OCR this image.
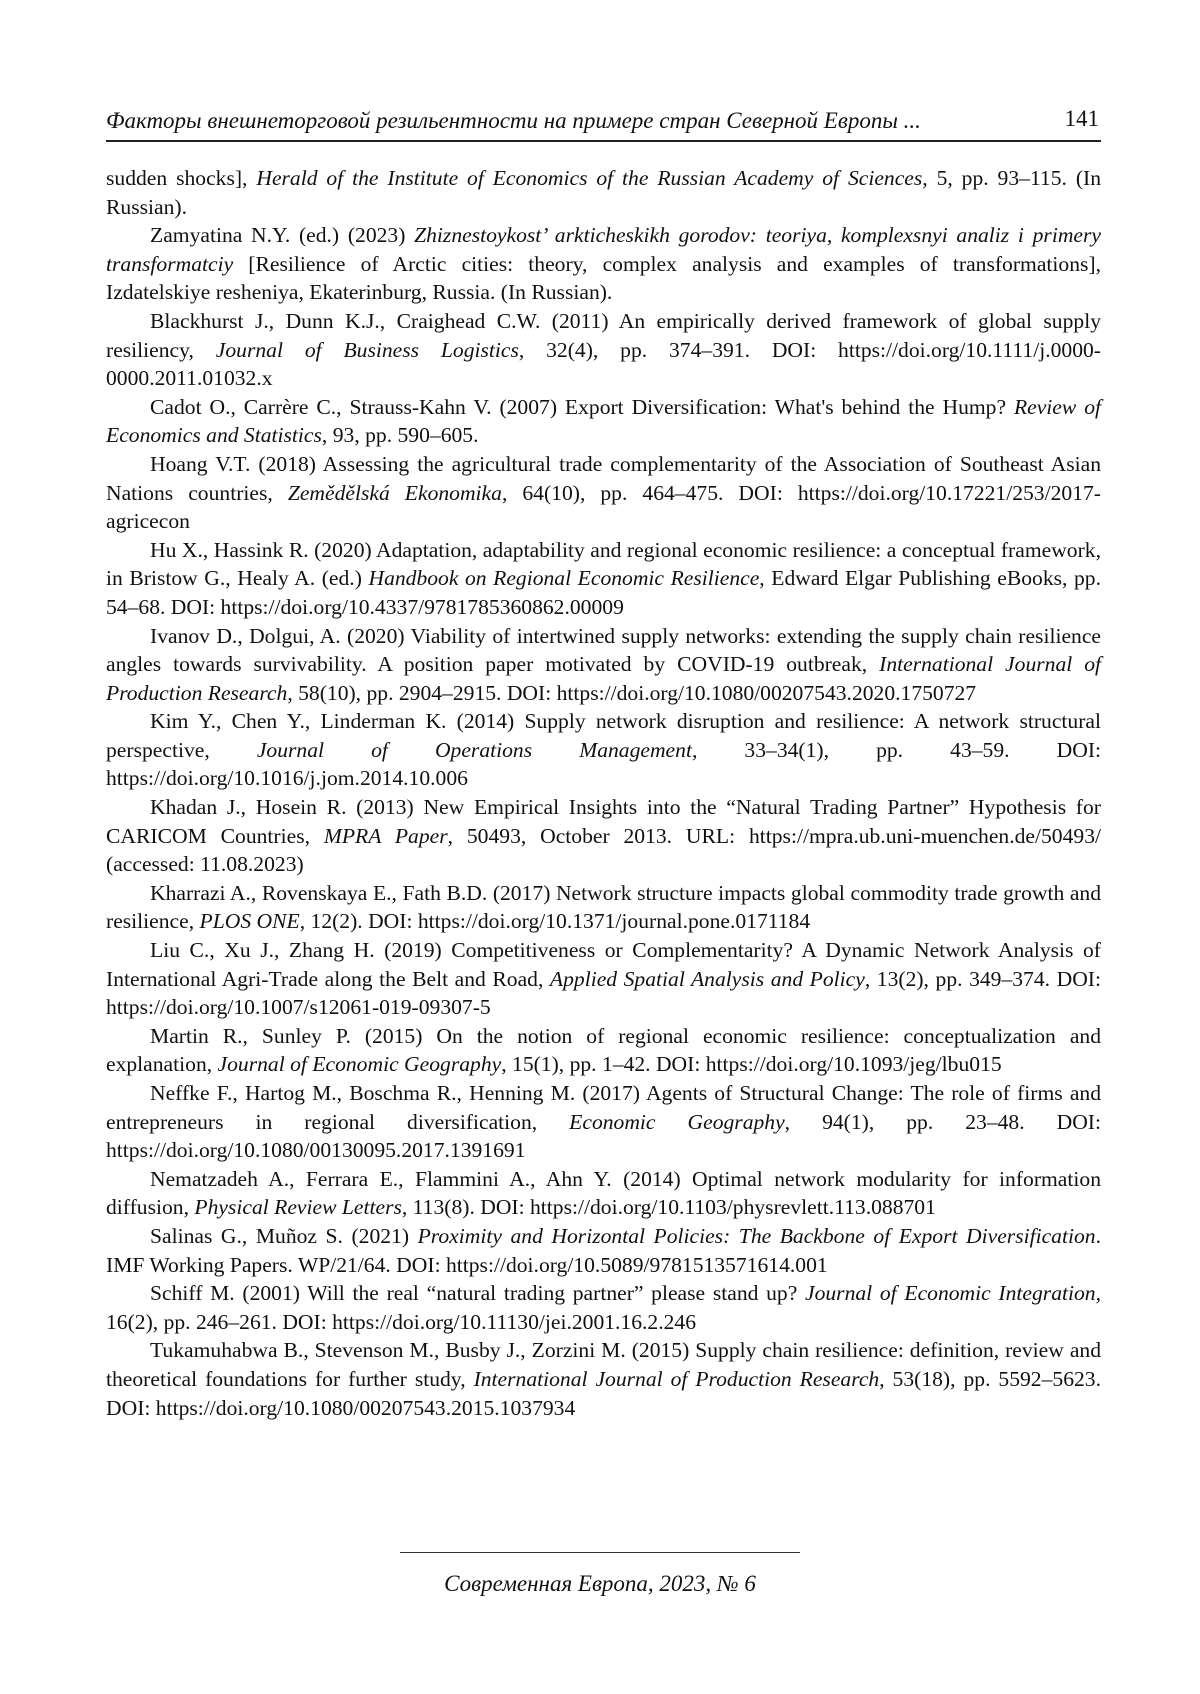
Факторы внешнеторговой резильентности на примере стран Северной Европы ...	141

sudden shocks], Herald of the Institute of Economics of the Russian Academy of Sciences, 5, pp. 93–115. (In Russian).

Zamyatina N.Y. (ed.) (2023) Zhiznestoykost’ arkticheskikh gorodov: teoriya, komplexsnyi analiz i primery transformatciy [Resilience of Arctic cities: theory, complex analysis and examples of transformations], Izdatelskiye resheniya, Ekaterinburg, Russia. (In Russian).

Blackhurst J., Dunn K.J., Craighead C.W. (2011) An empirically derived framework of global supply resiliency, Journal of Business Logistics, 32(4), pp. 374–391. DOI: https://doi.org/10.1111/j.0000-0000.2011.01032.x

Cadot O., Carrère C., Strauss-Kahn V. (2007) Export Diversification: What's behind the Hump? Review of Economics and Statistics, 93, pp. 590–605.

Hoang V.T. (2018) Assessing the agricultural trade complementarity of the Association of Southeast Asian Nations countries, Zemědělská Ekonomika, 64(10), pp. 464–475. DOI: https://doi.org/10.17221/253/2017-agricecon

Hu X., Hassink R. (2020) Adaptation, adaptability and regional economic resilience: a conceptual framework, in Bristow G., Healy A. (ed.) Handbook on Regional Economic Resilience, Edward Elgar Publishing eBooks, pp. 54–68. DOI: https://doi.org/10.4337/9781785360862.00009

Ivanov D., Dolgui, A. (2020) Viability of intertwined supply networks: extending the supply chain resilience angles towards survivability. A position paper motivated by COVID-19 outbreak, International Journal of Production Research, 58(10), pp. 2904–2915. DOI: https://doi.org/10.1080/00207543.2020.1750727

Kim Y., Chen Y., Linderman K. (2014) Supply network disruption and resilience: A network structural perspective, Journal of Operations Management, 33–34(1), pp. 43–59. DOI: https://doi.org/10.1016/j.jom.2014.10.006

Khadan J., Hosein R. (2013) New Empirical Insights into the “Natural Trading Partner” Hypothesis for CARICOM Countries, MPRA Paper, 50493, October 2013. URL: https://mpra.ub.uni-muenchen.de/50493/ (accessed: 11.08.2023)

Kharrazi A., Rovenskaya E., Fath B.D. (2017) Network structure impacts global commodity trade growth and resilience, PLOS ONE, 12(2). DOI: https://doi.org/10.1371/journal.pone.0171184

Liu C., Xu J., Zhang H. (2019) Competitiveness or Complementarity? A Dynamic Network Analysis of International Agri-Trade along the Belt and Road, Applied Spatial Analysis and Policy, 13(2), pp. 349–374. DOI: https://doi.org/10.1007/s12061-019-09307-5

Martin R., Sunley P. (2015) On the notion of regional economic resilience: conceptualization and explanation, Journal of Economic Geography, 15(1), pp. 1–42. DOI: https://doi.org/10.1093/jeg/lbu015

Neffke F., Hartog M., Boschma R., Henning M. (2017) Agents of Structural Change: The role of firms and entrepreneurs in regional diversification, Economic Geography, 94(1), pp. 23–48. DOI: https://doi.org/10.1080/00130095.2017.1391691

Nematzadeh A., Ferrara E., Flammini A., Ahn Y. (2014) Optimal network modularity for information diffusion, Physical Review Letters, 113(8). DOI: https://doi.org/10.1103/physrevlett.113.088701

Salinas G., Muñoz S. (2021) Proximity and Horizontal Policies: The Backbone of Export Diversification. IMF Working Papers. WP/21/64. DOI: https://doi.org/10.5089/9781513571614.001

Schiff M. (2001) Will the real “natural trading partner” please stand up? Journal of Economic Integration, 16(2), pp. 246–261. DOI: https://doi.org/10.11130/jei.2001.16.2.246

Tukamuhabwa B., Stevenson M., Busby J., Zorzini M. (2015) Supply chain resilience: definition, review and theoretical foundations for further study, International Journal of Production Research, 53(18), pp. 5592–5623. DOI: https://doi.org/10.1080/00207543.2015.1037934

Современная Европа, 2023, № 6
